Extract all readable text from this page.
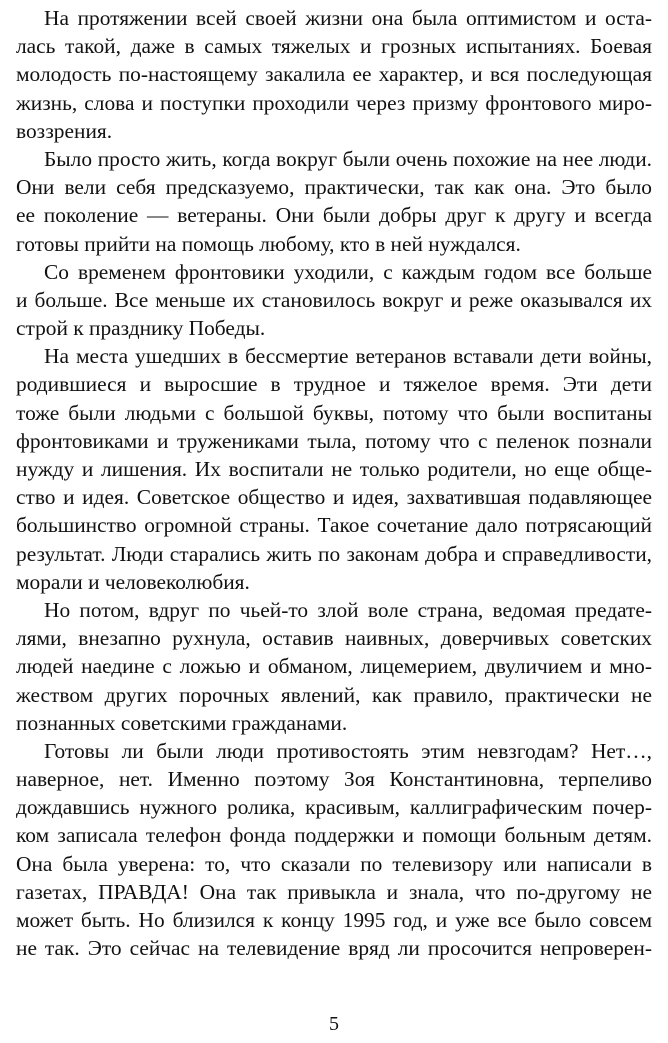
На протяжении всей своей жизни она была оптимистом и оста-
лась такой, даже в самых тяжелых и грозных испытаниях. Боевая
молодость по-настоящему закалила ее характер, и вся последующая
жизнь, слова и поступки проходили через призму фронтового миро-
воззрения.
Было просто жить, когда вокруг были очень похожие на нее люди.
Они вели себя предсказуемо, практически, так как она. Это было
ее поколение — ветераны. Они были добры друг к другу и всегда
готовы прийти на помощь любому, кто в ней нуждался.
Со временем фронтовики уходили, с каждым годом все больше
и больше. Все меньше их становилось вокруг и реже оказывался их
строй к празднику Победы.
На места ушедших в бессмертие ветеранов вставали дети войны,
родившиеся и выросшие в трудное и тяжелое время. Эти дети
тоже были людьми с большой буквы, потому что были воспитаны
фронтовиками и тружениками тыла, потому что с пеленок познали
нужду и лишения. Их воспитали не только родители, но еще обще-
ство и идея. Советское общество и идея, захватившая подавляющее
большинство огромной страны. Такое сочетание дало потрясающий
результат. Люди старались жить по законам добра и справедливости,
морали и человеколюбия.
Но потом, вдруг по чьей-то злой воле страна, ведомая предате-
лями, внезапно рухнула, оставив наивных, доверчивых советских
людей наедине с ложью и обманом, лицемерием, двуличием и мно-
жеством других порочных явлений, как правило, практически не
познанных советскими гражданами.
Готовы ли были люди противостоять этим невзгодам? Нет…,
наверное, нет. Именно поэтому Зоя Константиновна, терпеливо
дождавшись нужного ролика, красивым, каллиграфическим почер-
ком записала телефон фонда поддержки и помощи больным детям.
Она была уверена: то, что сказали по телевизору или написали в
газетах, ПРАВДА! Она так привыкла и знала, что по-другому не
может быть. Но близился к концу 1995 год, и уже все было совсем
не так. Это сейчас на телевидение вряд ли просочится непроверен-
5
